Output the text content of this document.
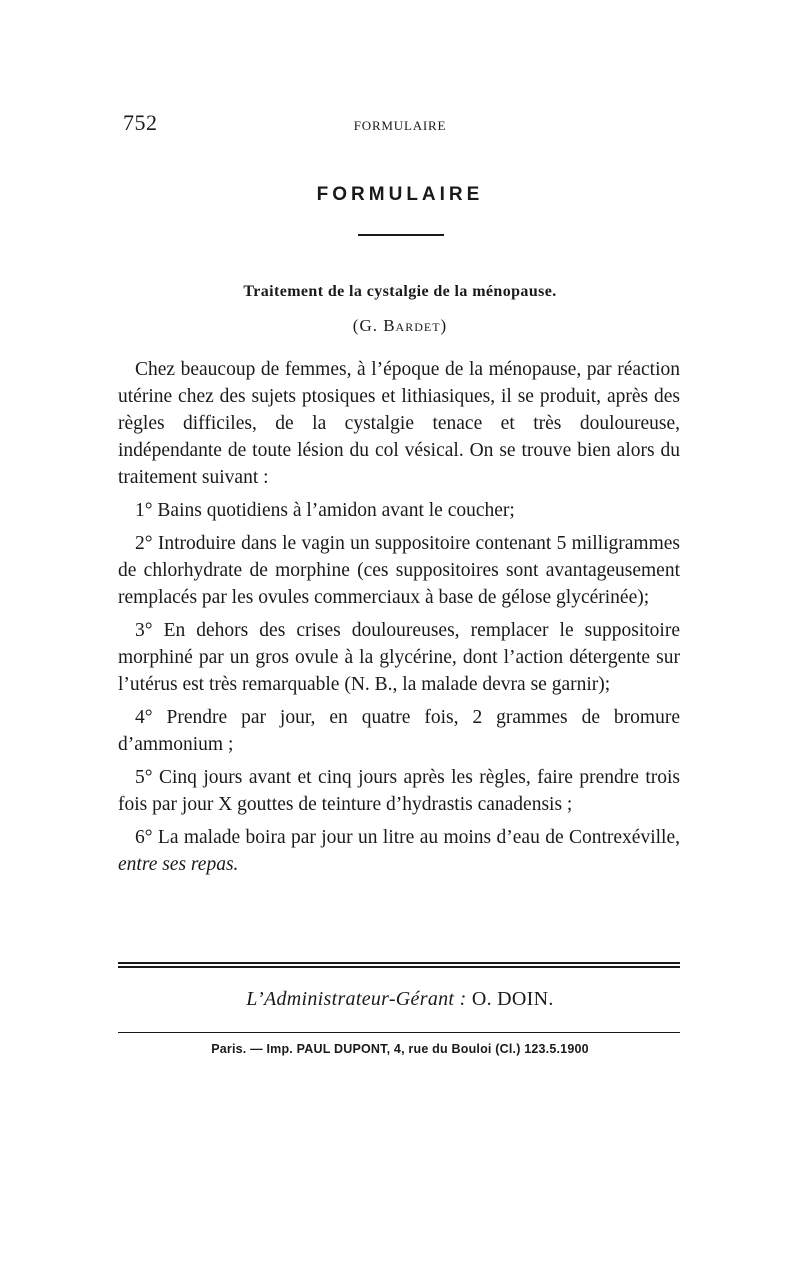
752	FORMULAIRE
FORMULAIRE
Traitement de la cystalgie de la ménopause.
(G. Bardet)

Chez beaucoup de femmes, à l’époque de la ménopause, par réaction utérine chez des sujets ptosiques et lithiasiques, il se produit, après des règles difficiles, de la cystalgie tenace et très douloureuse, indépendante de toute lésion du col vésical. On se trouve bien alors du traitement suivant :

1° Bains quotidiens à l’amidon avant le coucher;

2° Introduire dans le vagin un suppositoire contenant 5 milligrammes de chlorhydrate de morphine (ces suppositoires sont avantageusement remplacés par les ovules commerciaux à base de gélose glycérinée);

3° En dehors des crises douloureuses, remplacer le suppositoire morphiné par un gros ovule à la glycérine, dont l’action détergente sur l’utérus est très remarquable (N. B., la malade devra se garnir);

4° Prendre par jour, en quatre fois, 2 grammes de bromure d’ammonium ;

5° Cinq jours avant et cinq jours après les règles, faire prendre trois fois par jour X gouttes de teinture d’hydrastis canadensis ;

6° La malade boira par jour un litre au moins d’eau de Contrexéville, entre ses repas.

L’Administrateur-Gérant : O. DOIN.
Paris. — Imp. PAUL DUPONT, 4, rue du Bouloi (Cl.) 123.5.1900
